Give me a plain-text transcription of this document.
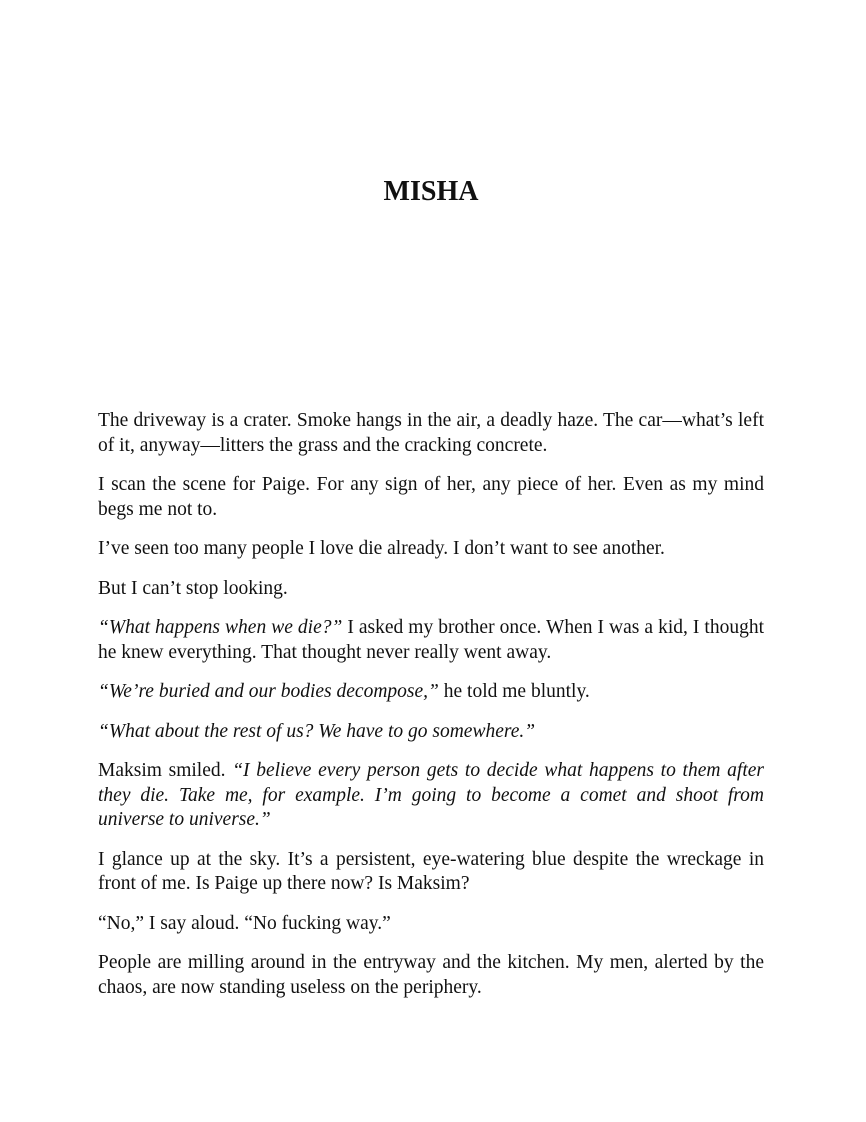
MISHA

The driveway is a crater. Smoke hangs in the air, a deadly haze. The car—what’s left of it, anyway—litters the grass and the cracking concrete.

I scan the scene for Paige. For any sign of her, any piece of her. Even as my mind begs me not to.

I’ve seen too many people I love die already. I don’t want to see another.

But I can’t stop looking.

“What happens when we die?” I asked my brother once. When I was a kid, I thought he knew everything. That thought never really went away.

“We’re buried and our bodies decompose,” he told me bluntly.

“What about the rest of us? We have to go somewhere.”

Maksim smiled. “I believe every person gets to decide what happens to them after they die. Take me, for example. I’m going to become a comet and shoot from universe to universe.”

I glance up at the sky. It’s a persistent, eye-watering blue despite the wreckage in front of me. Is Paige up there now? Is Maksim?

“No,” I say aloud. “No fucking way.”

People are milling around in the entryway and the kitchen. My men, alerted by the chaos, are now standing useless on the periphery.
